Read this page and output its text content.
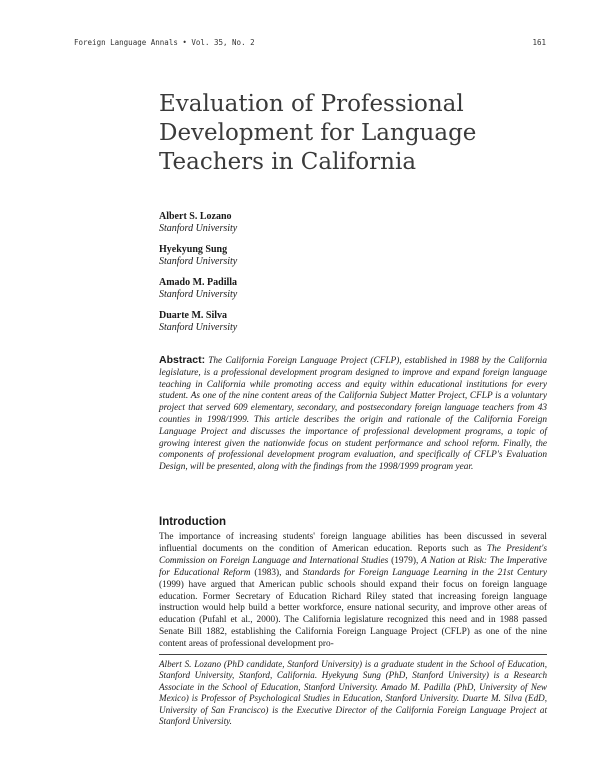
Foreign Language Annals • Vol. 35, No. 2	161
Evaluation of Professional
Development for Language
Teachers in California
Albert S. Lozano
Stanford University
Hyekyung Sung
Stanford University
Amado M. Padilla
Stanford University
Duarte M. Silva
Stanford University
Abstract: The California Foreign Language Project (CFLP), established in 1988 by the California legislature, is a professional development program designed to improve and expand foreign language teaching in California while promoting access and equity within educational institutions for every student. As one of the nine content areas of the California Subject Matter Project, CFLP is a voluntary project that served 609 elementary, secondary, and postsecondary foreign language teachers from 43 counties in 1998/1999. This article describes the origin and rationale of the California Foreign Language Project and discusses the importance of professional development programs, a topic of growing interest given the nationwide focus on student performance and school reform. Finally, the components of professional development program evaluation, and specifically of CFLP's Evaluation Design, will be presented, along with the findings from the 1998/1999 program year.
Introduction
The importance of increasing students' foreign language abilities has been discussed in several influential documents on the condition of American education. Reports such as The President's Commission on Foreign Language and International Studies (1979), A Nation at Risk: The Imperative for Educational Reform (1983), and Standards for Foreign Language Learning in the 21st Century (1999) have argued that American public schools should expand their focus on foreign language education. Former Secretary of Education Richard Riley stated that increasing foreign language instruction would help build a better workforce, ensure national security, and improve other areas of education (Pufahl et al., 2000). The California legislature recognized this need and in 1988 passed Senate Bill 1882, establishing the California Foreign Language Project (CFLP) as one of the nine content areas of professional development pro-
Albert S. Lozano (PhD candidate, Stanford University) is a graduate student in the School of Education, Stanford University, Stanford, California. Hyekyung Sung (PhD, Stanford University) is a Research Associate in the School of Education, Stanford University. Amado M. Padilla (PhD, University of New Mexico) is Professor of Psychological Studies in Education, Stanford University. Duarte M. Silva (EdD, University of San Francisco) is the Executive Director of the California Foreign Language Project at Stanford University.
